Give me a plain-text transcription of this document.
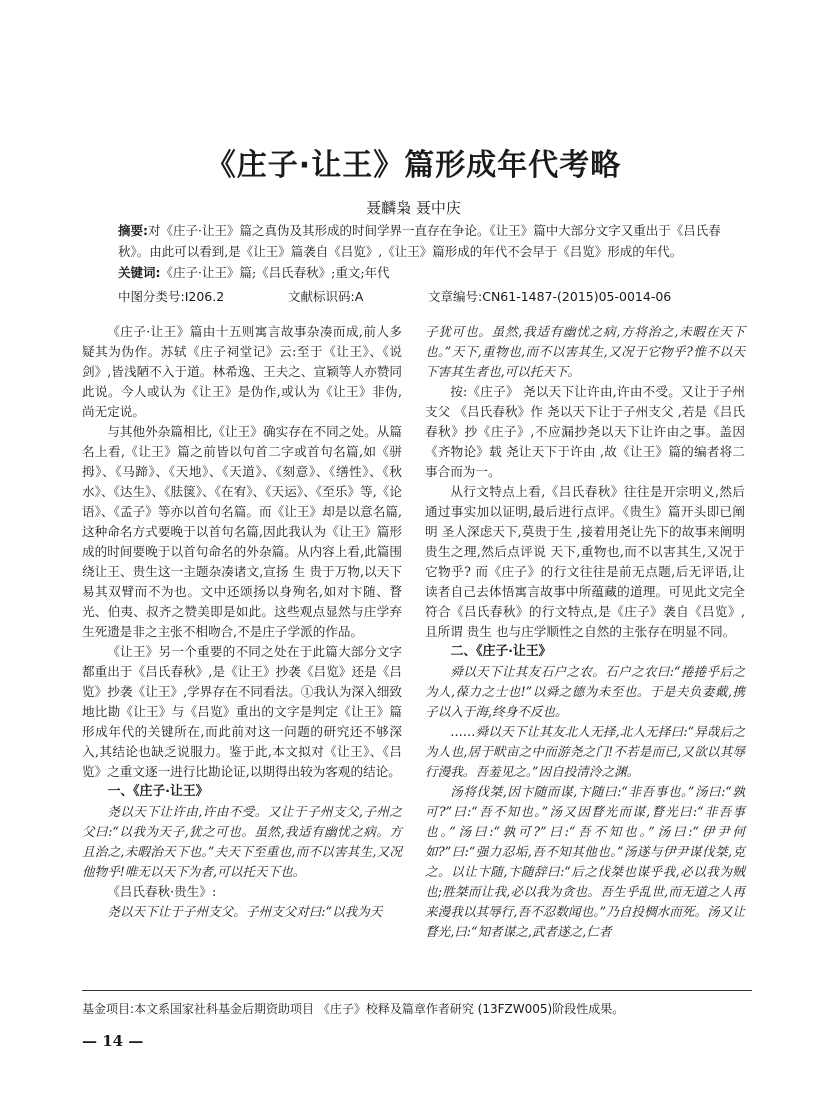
《庄子·让王》篇形成年代考略
聂麟枭 聂中庆
摘要:对《庄子·让王》篇之真伪及其形成的时间学界一直存在争论。《让王》篇中大部分文字又重出于《吕氏春秋》。由此可以看到,是《让王》篇袭自《吕览》,《让王》篇形成的年代不会早于《吕览》形成的年代。
关键词:《庄子·让王》篇;《吕氏春秋》;重文;年代
中图分类号:I206.2	文献标识码:A	文章编号:CN61-1487-(2015)05-0014-06

《庄子·让王》篇由十五则寓言故事杂凑而成,前人多疑其为伪作。苏轼《庄子祠堂记》云:至于《让王》、《说剑》,皆浅陋不入于道。林希逸、王夫之、宣颖等人亦赞同此说。今人或认为《让王》是伪作,或认为《让王》非伪,尚无定说。

与其他外杂篇相比,《让王》确实存在不同之处。从篇名上看,《让王》篇之前皆以句首二字或首句名篇,如《骈拇》、《马蹄》、《天地》、《天道》、《刻意》、《缮性》、《秋水》、《达生》、《胠箧》、《在宥》、《天运》、《至乐》等,《论语》、《孟子》等亦以首句名篇。而《让王》却是以意名篇,这种命名方式要晚于以首句名篇,因此我认为《让王》篇形成的时间要晚于以首句命名的外杂篇。从内容上看,此篇围绕让王、贵生这一主题杂凑诸文,宣扬 生 贵于万物,以天下易其双臂而不为也。文中还颂扬以身殉名,如对卞随、瞀光、伯夷、叔齐之赞美即是如此。这些观点显然与庄学弃生死遗是非之主张不相吻合,不是庄子学派的作品。

《让王》另一个重要的不同之处在于此篇大部分文字都重出于《吕氏春秋》,是《让王》抄袭《吕览》还是《吕览》抄袭《让王》,学界存在不同看法。①我认为深入细致地比勘《让王》与《吕览》重出的文字是判定《让王》篇形成年代的关键所在,而此前对这一问题的研究还不够深入,其结论也缺乏说服力。鉴于此,本文拟对《让王》、《吕览》之重文逐一进行比勘论证,以期得出较为客观的结论。

一、《庄子·让王》

尧以天下让许由,许由不受。又让于子州支父,子州之父曰:“以我为天子,犹之可也。虽然,我适有幽忧之病。方且治之,未暇治天下也。”夫天下至重也,而不以害其生,又况他物乎!唯无以天下为者,可以托天下也。

《吕氏春秋·贵生》:

尧以天下让于子州支父。子州支父对曰:“以我为天

子犹可也。虽然,我适有幽忧之病,方将治之,未暇在天下也。”天下,重物也,而不以害其生,又况于它物乎?惟不以天下害其生者也,可以托天下。

按:《庄子》 尧以天下让许由,许由不受。又让于子州支父 《吕氏春秋》作 尧以天下让于子州支父 ,若是《吕氏春秋》抄《庄子》,不应漏抄尧以天下让许由之事。盖因《齐物论》载 尧让天下于许由 ,故《让王》篇的编者将二事合而为一。

从行文特点上看,《吕氏春秋》往往是开宗明义,然后通过事实加以证明,最后进行点评。《贵生》篇开头即已阐明 圣人深虑天下,莫贵于生 ,接着用尧让先下的故事来阐明贵生之理,然后点评说 天下,重物也,而不以害其生,又况于它物乎? 而《庄子》的行文往往是前无点题,后无评语,让读者自己去体悟寓言故事中所蕴藏的道理。可见此文完全符合《吕氏春秋》的行文特点,是《庄子》袭自《吕览》,且所谓 贵生 也与庄学顺性之自然的主张存在明显不同。

二、《庄子·让王》

舜以天下让其友石户之农。石户之农曰:“捲捲乎后之为人,葆力之士也!”以舜之德为未至也。于是夫负妻戴,携子以入于海,终身不反也。

……舜以天下让其友北人无择,北人无择曰:“异哉后之为人也,居于畎亩之中而游尧之门!不若是而已,又欲以其辱行漫我。吾羞见之。”因自投清泠之渊。

汤将伐桀,因卞随而谋,卞随曰:“非吾事也。”汤曰:“孰可?”曰:“吾不知也。”汤又因瞀光而谋,瞀光曰:“非吾事也。”汤曰:“孰可?”曰:“吾不知也。”汤曰:“伊尹何如?”曰:“强力忍垢,吾不知其他也。”汤遂与伊尹谋伐桀,克之。以让卞随,卞随辞曰:“后之伐桀也谋乎我,必以我为贼也;胜桀而让我,必以我为贪也。吾生乎乱世,而无道之人再来漫我以其辱行,吾不忍数闻也。”乃自投椆水而死。汤又让瞀光,曰:“知者谋之,武者遂之,仁者

基金项目:本文系国家社科基金后期资助项目 《庄子》校释及篇章作者研究 (13FZW005)阶段性成果。
— 14 —
